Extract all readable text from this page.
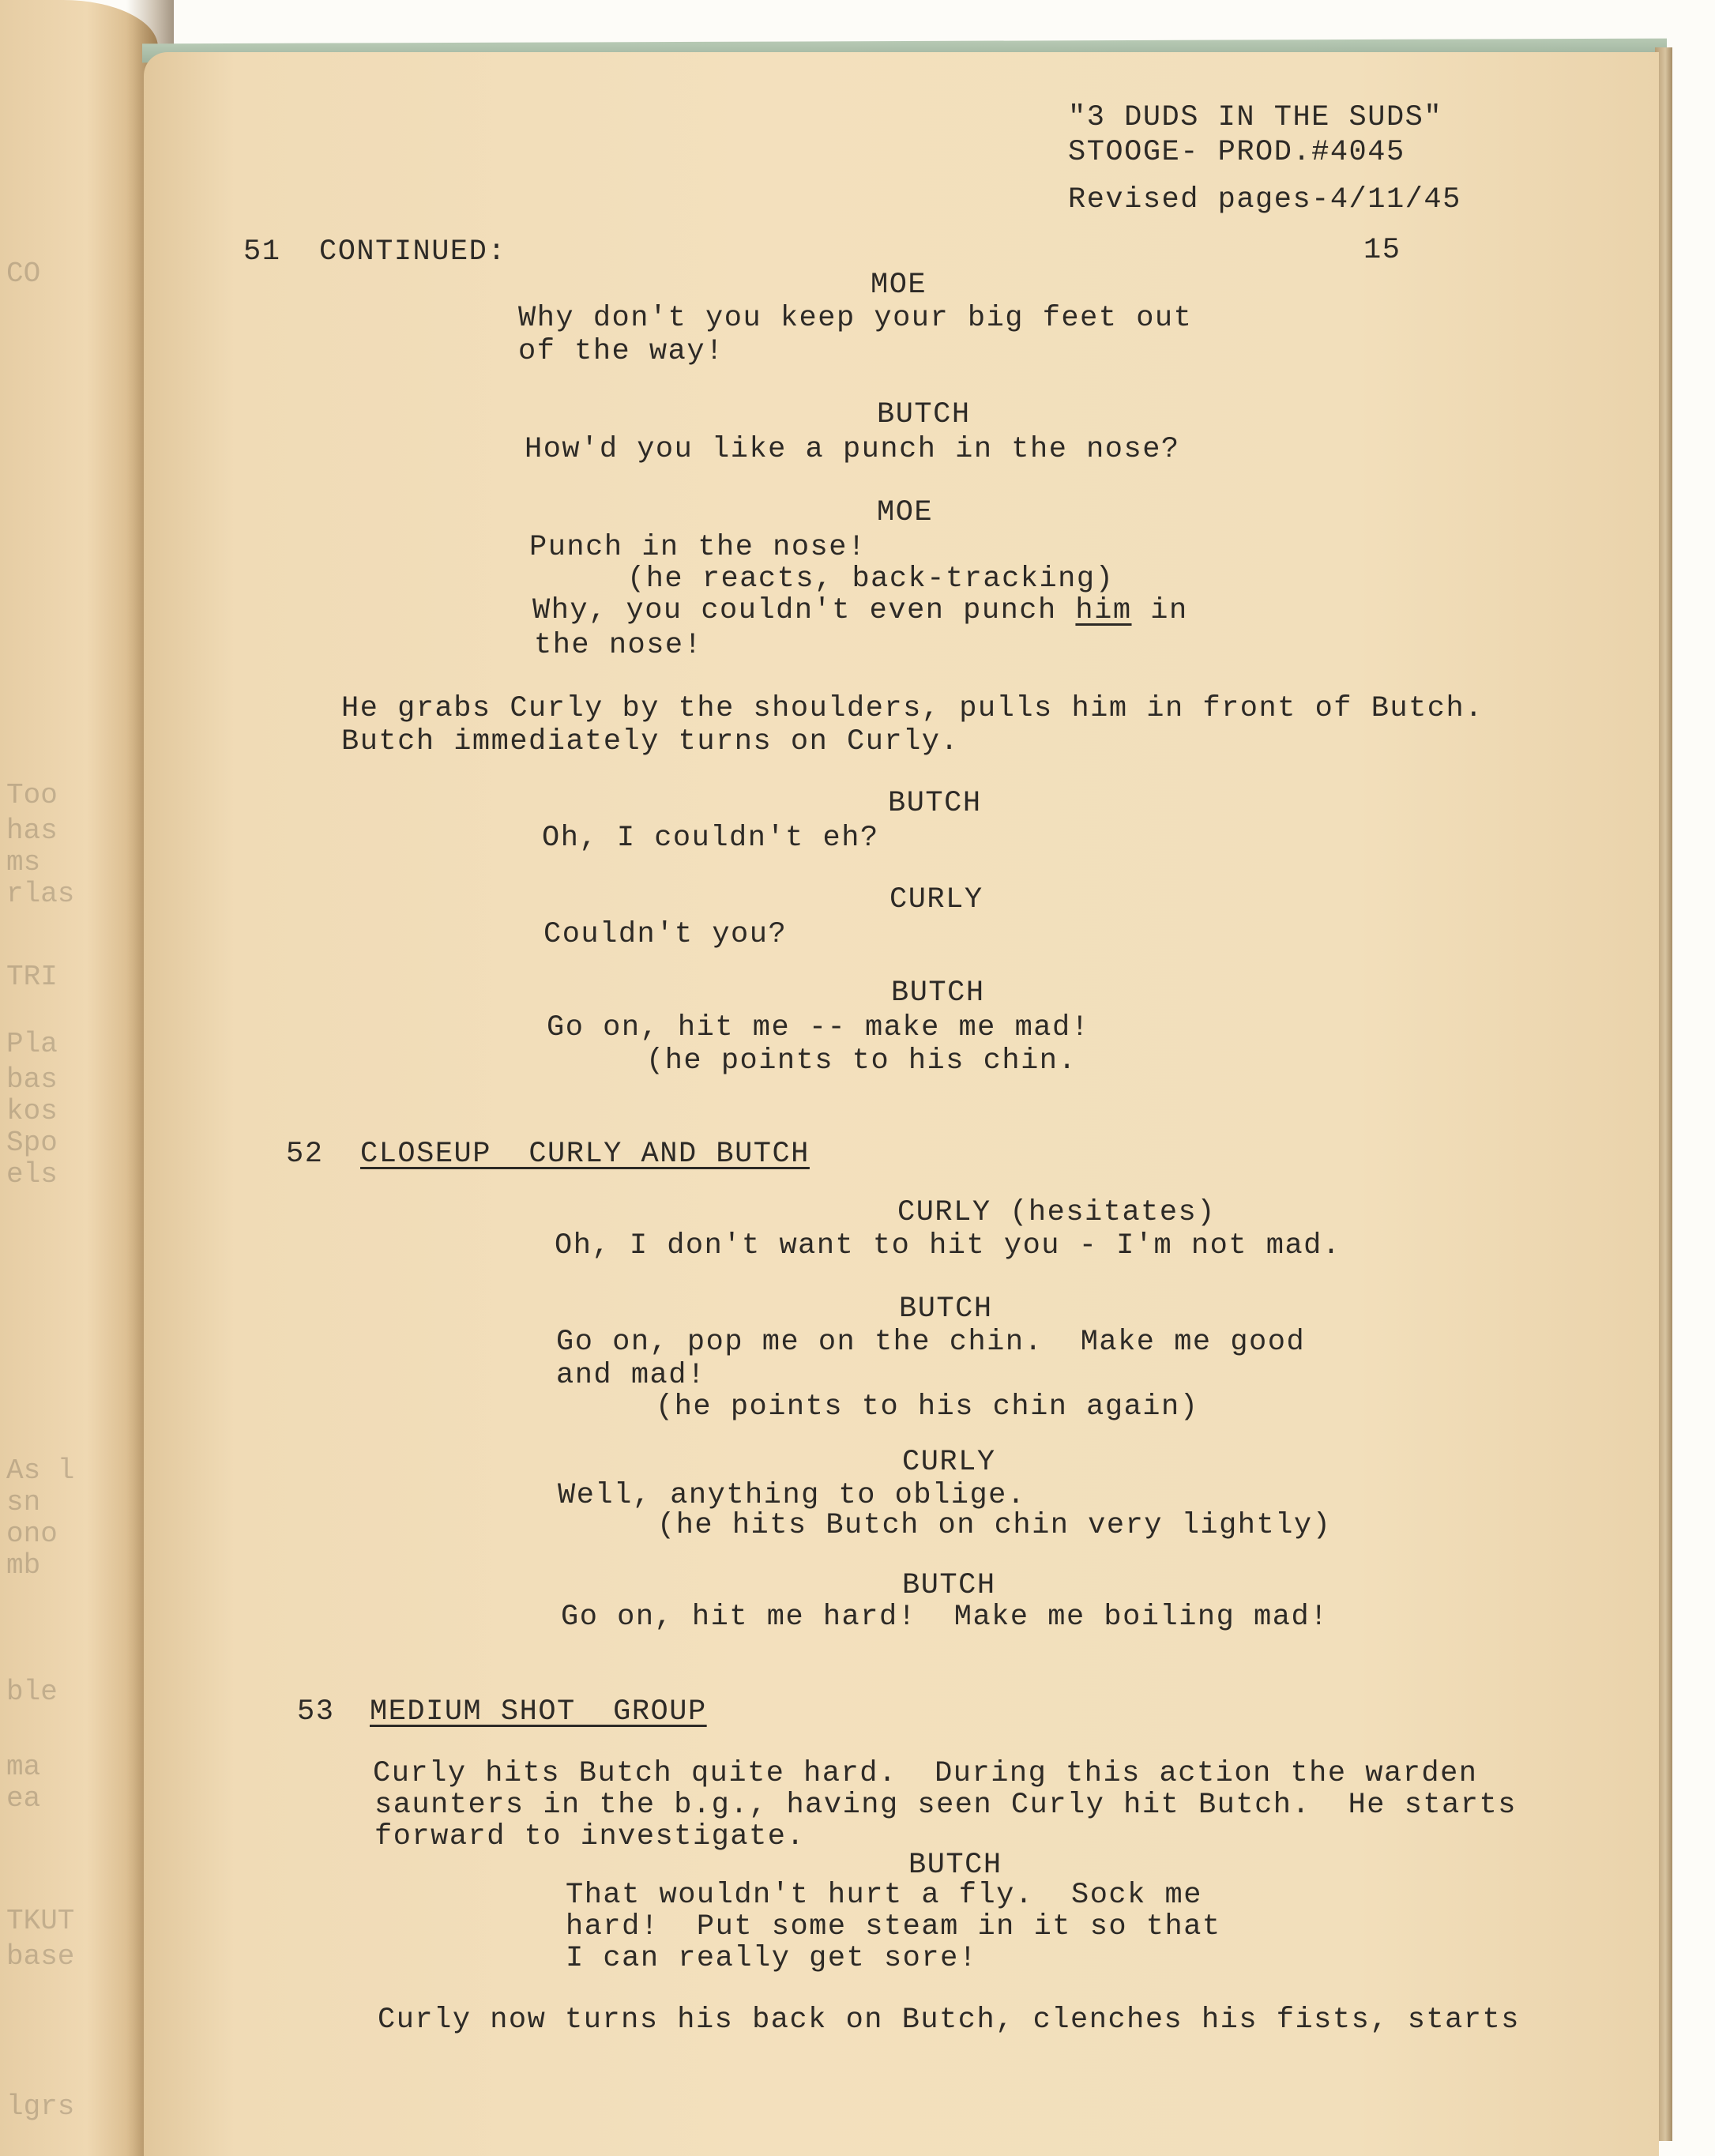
CO
Too
has
ms
rlas
TRI
Pla
bas
kos
Spo
els
As l
sn
ono
mb
ble
ma
ea
TKUT
base
lgrs
"3 DUDS IN THE SUDS"
STOOGE- PROD.#4045
Revised pages-4/11/45
51 CONTINUED:	15
MOE
Why don't you keep your big feet out
of the way!
BUTCH
How'd you like a punch in the nose?
MOE
Punch in the nose!
(he reacts, back-tracking)
Why, you couldn't even punch him in
the nose!
He grabs Curly by the shoulders, pulls him in front of Butch.
Butch immediately turns on Curly.
BUTCH
Oh, I couldn't eh?
CURLY
Couldn't you?
BUTCH
Go on, hit me -- make me mad!
(he points to his chin.
52 CLOSEUP  CURLY AND BUTCH
CURLY (hesitates)
Oh, I don't want to hit you - I'm not mad.
BUTCH
Go on, pop me on the chin.  Make me good
and mad!
(he points to his chin again)
CURLY
Well, anything to oblige.
(he hits Butch on chin very lightly)
BUTCH
Go on, hit me hard!  Make me boiling mad!
53 MEDIUM SHOT  GROUP
Curly hits Butch quite hard.  During this action the warden
saunters in the b.g., having seen Curly hit Butch.  He starts
forward to investigate.
BUTCH
That wouldn't hurt a fly.  Sock me
hard!  Put some steam in it so that
I can really get sore!
Curly now turns his back on Butch, clenches his fists, starts
